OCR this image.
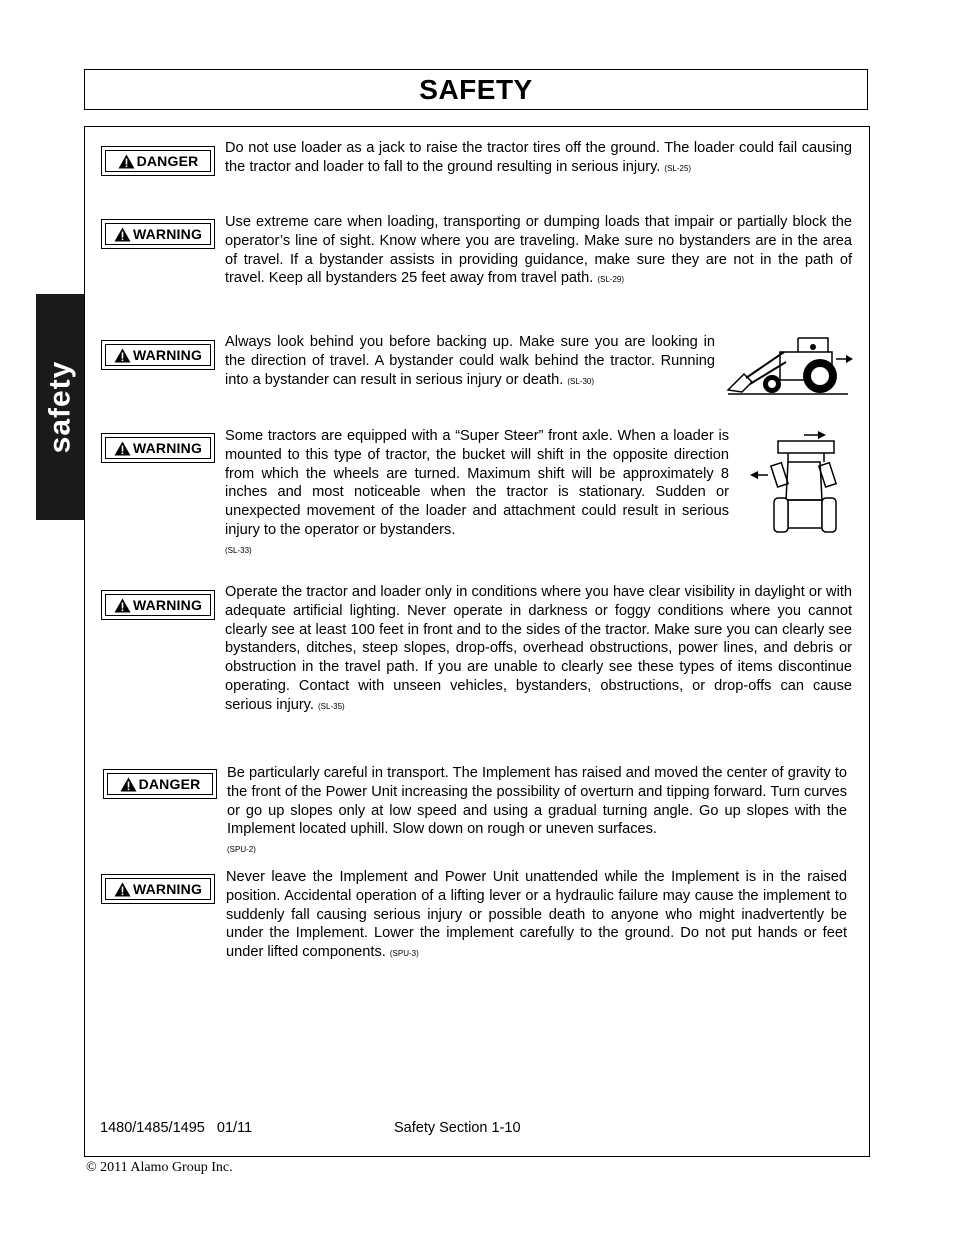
SAFETY
safety
DANGER
Do not use loader as a jack to raise the tractor tires off the ground. The loader could fail causing the tractor and loader to fall to the ground resulting in serious injury. (SL-25)
WARNING
Use extreme care when loading, transporting or dumping loads that impair or partially block the operator’s line of sight. Know where you are traveling. Make sure no bystanders are in the area of travel. If a bystander assists in providing guidance, make sure they are not in the path of travel. Keep all bystanders 25 feet away from travel path. (SL-29)
WARNING
Always look behind you before backing up. Make sure you are looking in the direction of travel. A bystander could walk behind the tractor. Running into a bystander can result in serious injury or death. (SL-30)
WARNING
Some tractors are equipped with a “Super Steer” front axle. When a loader is mounted to this type of tractor, the bucket will shift in the opposite direction from which the wheels are turned. Maximum shift will be approximately 8 inches and most noticeable when the tractor is stationary. Sudden or unexpected movement of the loader and attachment could result in serious injury to the operator or bystanders.
(SL-33)
WARNING
Operate the tractor and loader only in conditions where you have clear visibility in daylight or with adequate artificial lighting. Never operate in darkness or foggy conditions where you cannot clearly see at least 100 feet in front and to the sides of the tractor. Make sure you can clearly see bystanders, ditches, steep slopes, drop-offs, overhead obstructions, power lines, and debris or obstruction in the travel path. If you are unable to clearly see these types of items discontinue operating. Contact with unseen vehicles, bystanders, obstructions, or drop-offs can cause serious injury. (SL-35)
DANGER
Be particularly careful in transport. The Implement has raised and moved the center of gravity to the front of the Power Unit increasing the possibility of overturn and tipping forward. Turn curves or go up slopes only at low speed and using a gradual turning angle. Go up slopes with the Implement located uphill. Slow down on rough or uneven surfaces.
(SPU-2)
WARNING
Never leave the Implement and Power Unit unattended while the Implement is in the raised position. Accidental operation of a lifting lever or a hydraulic failure may cause the implement to suddenly fall causing serious injury or possible death to anyone who might inadvertently be under the Implement. Lower the implement carefully to the ground. Do not put hands or feet under lifted components. (SPU-3)
1480/1485/1495   01/11	Safety Section 1-10
© 2011 Alamo Group Inc.
